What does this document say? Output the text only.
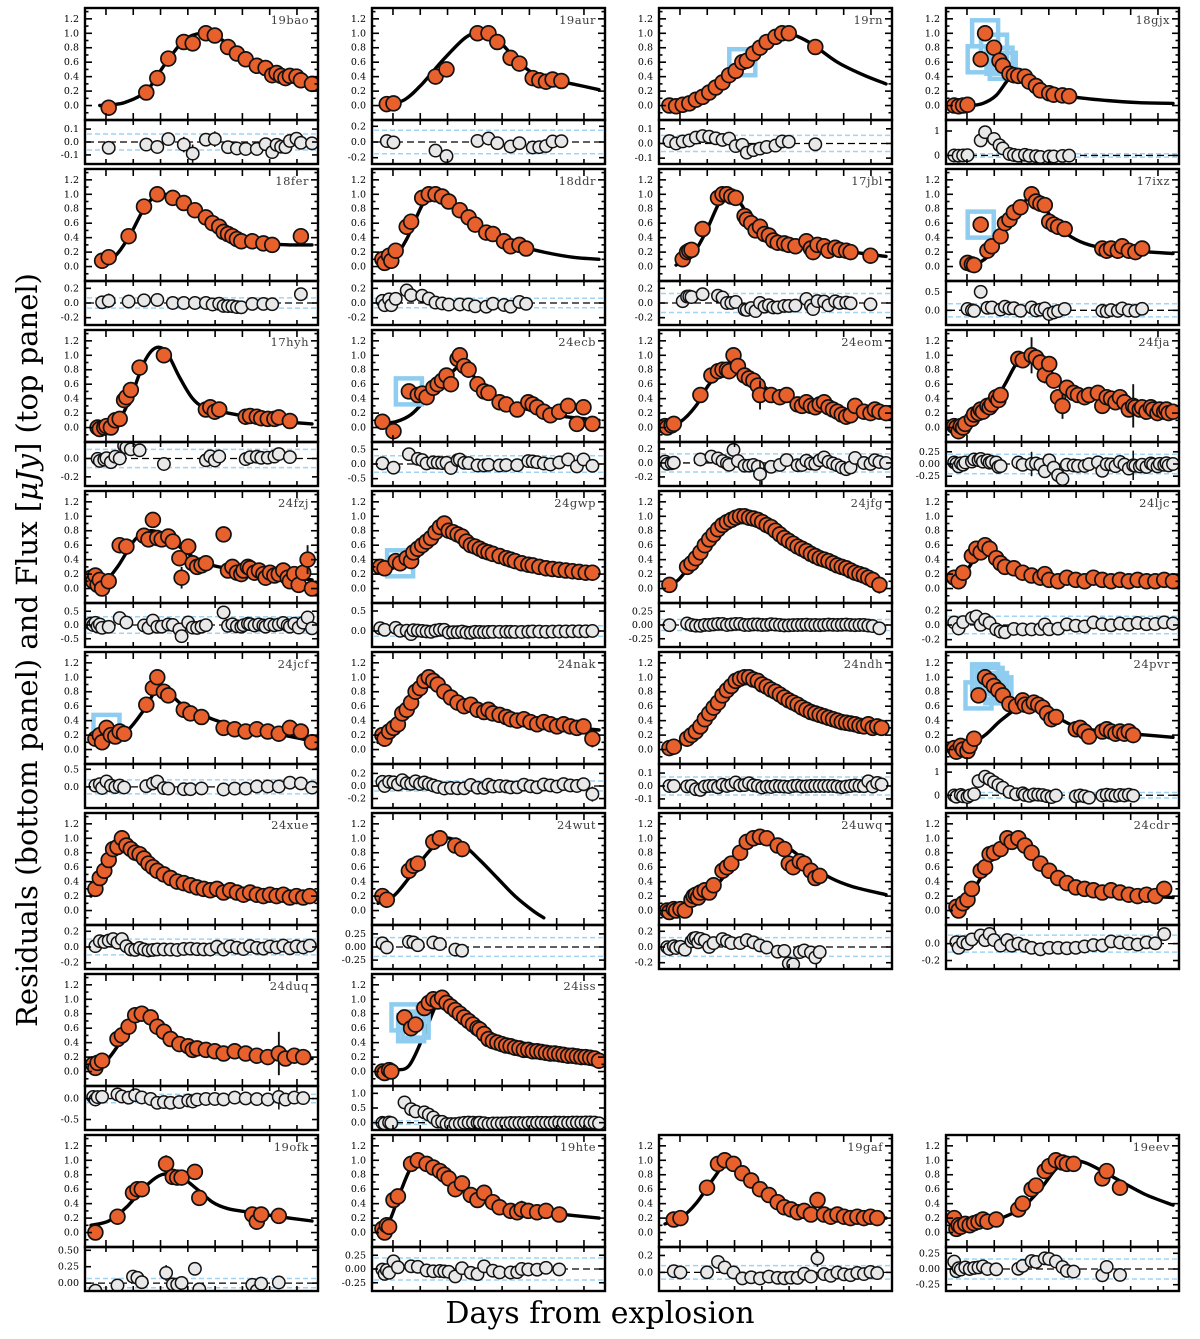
19bao
0.0
0.2
0.4
0.6
0.8
1.0
1.2
0.1
0.0
-0.1
19aur
0.0
0.2
0.4
0.6
0.8
1.0
1.2
0.2
0.0
-0.2
19rn
0.0
0.2
0.4
0.6
0.8
1.0
1.2
0.1
0.0
-0.1
18gjx
0.0
0.2
0.4
0.6
0.8
1.0
1.2
1
0
18fer
0.0
0.2
0.4
0.6
0.8
1.0
1.2
0.2
0.0
-0.2
18ddr
0.0
0.2
0.4
0.6
0.8
1.0
1.2
0.2
0.0
-0.2
17jbl
0.0
0.2
0.4
0.6
0.8
1.0
1.2
0.2
0.0
-0.2
17ixz
0.0
0.2
0.4
0.6
0.8
1.0
1.2
0.5
0.0
17hyh
0.0
0.2
0.4
0.6
0.8
1.0
1.2
0.0
-0.2
24ecb
0.0
0.2
0.4
0.6
0.8
1.0
1.2
0.5
0.0
-0.5
24eom
0.0
0.2
0.4
0.6
0.8
1.0
1.2
0.2
0.0
-0.2
24fja
0.0
0.2
0.4
0.6
0.8
1.0
1.2
0.25
0.00
-0.25
24fzj
0.0
0.2
0.4
0.6
0.8
1.0
1.2
0.5
0.0
-0.5
24gwp
0.0
0.2
0.4
0.6
0.8
1.0
1.2
0.5
0.0
24jfg
0.0
0.2
0.4
0.6
0.8
1.0
1.2
0.25
0.00
-0.25
24ljc
0.0
0.2
0.4
0.6
0.8
1.0
1.2
0.2
0.0
-0.2
24jcf
0.0
0.2
0.4
0.6
0.8
1.0
1.2
0.5
0.0
24nak
0.0
0.2
0.4
0.6
0.8
1.0
1.2
0.2
0.0
-0.2
24ndh
0.0
0.2
0.4
0.6
0.8
1.0
1.2
0.1
0.0
-0.1
24pvr
0.0
0.2
0.4
0.6
0.8
1.0
1.2
1
0
24xue
0.0
0.2
0.4
0.6
0.8
1.0
1.2
0.2
0.0
-0.2
24wut
0.0
0.2
0.4
0.6
0.8
1.0
1.2
0.25
0.00
-0.25
24uwq
0.0
0.2
0.4
0.6
0.8
1.0
1.2
0.2
0.0
-0.2
24cdr
0.0
0.2
0.4
0.6
0.8
1.0
1.2
0.0
-0.2
24duq
0.0
0.2
0.4
0.6
0.8
1.0
1.2
0.0
-0.5
24iss
0.0
0.2
0.4
0.6
0.8
1.0
1.2
1.0
0.5
0.0
19ofk
0.0
0.2
0.4
0.6
0.8
1.0
1.2
0.50
0.25
0.00
19hte
0.0
0.2
0.4
0.6
0.8
1.0
1.2
0.25
0.00
-0.25
19gaf
0.0
0.2
0.4
0.6
0.8
1.0
1.2
0.2
0.0
19eev
0.0
0.2
0.4
0.6
0.8
1.0
1.2
0.25
0.00
-0.25
Residuals (bottom panel) and Flux [μJy] (top panel)
Days from explosion
